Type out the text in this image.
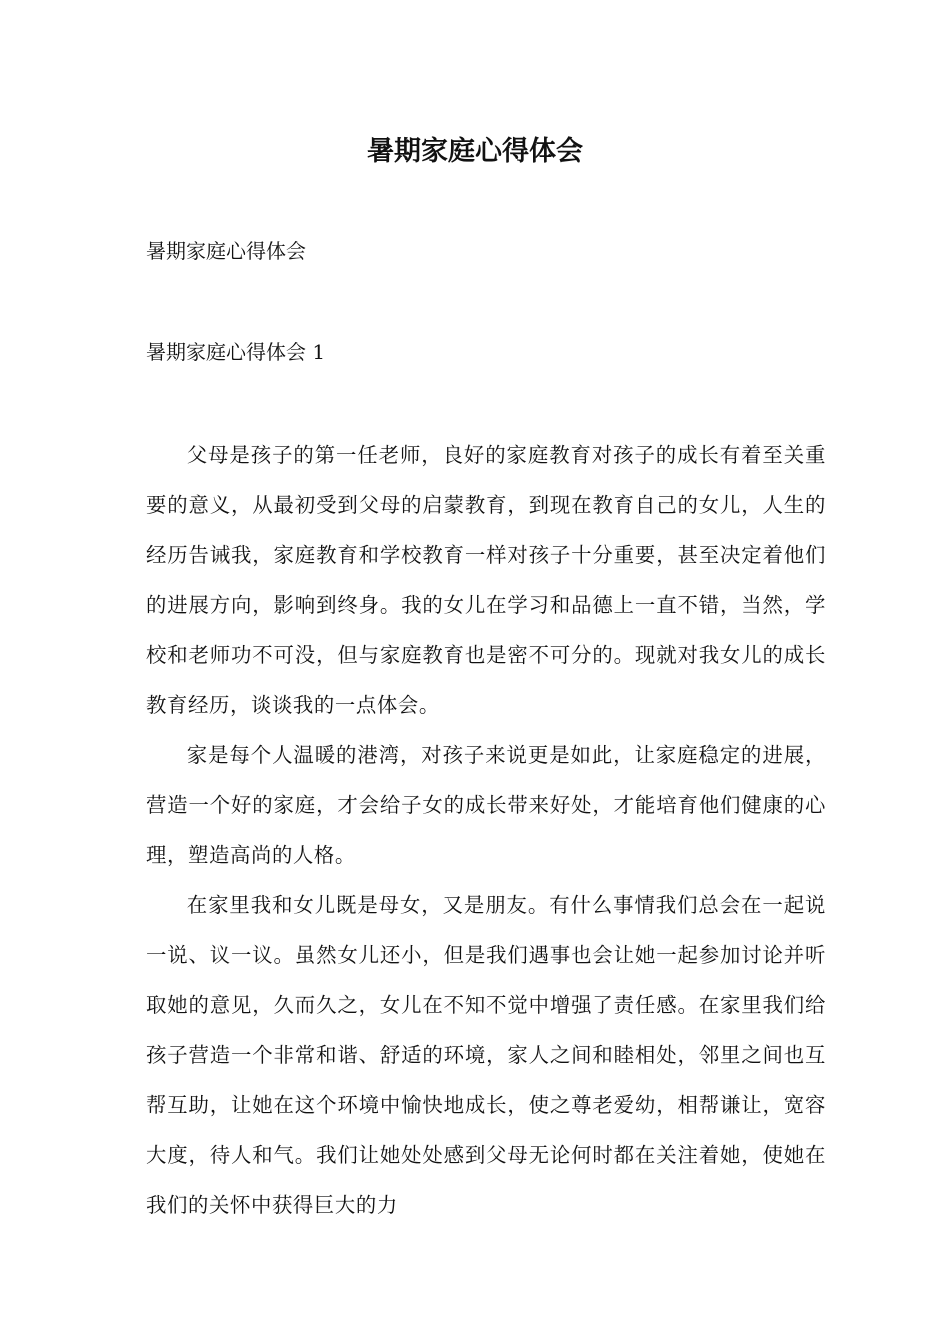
暑期家庭心得体会
暑期家庭心得体会
暑期家庭心得体会 1

父母是孩子的第一任老师，良好的家庭教育对孩子的成长有着至关重要的意义，从最初受到父母的启蒙教育，到现在教育自己的女儿，人生的经历告诫我，家庭教育和学校教育一样对孩子十分重要，甚至决定着他们的进展方向，影响到终身。我的女儿在学习和品德上一直不错，当然，学校和老师功不可没，但与家庭教育也是密不可分的。现就对我女儿的成长教育经历，谈谈我的一点体会。

家是每个人温暖的港湾，对孩子来说更是如此，让家庭稳定的进展，营造一个好的家庭，才会给子女的成长带来好处，才能培育他们健康的心理，塑造高尚的人格。

在家里我和女儿既是母女，又是朋友。有什么事情我们总会在一起说一说、议一议。虽然女儿还小，但是我们遇事也会让她一起参加讨论并听取她的意见，久而久之，女儿在不知不觉中增强了责任感。在家里我们给孩子营造一个非常和谐、舒适的环境，家人之间和睦相处，邻里之间也互帮互助，让她在这个环境中愉快地成长，使之尊老爱幼，相帮谦让，宽容大度，待人和气。我们让她处处感到父母无论何时都在关注着她，使她在我们的关怀中获得巨大的力
